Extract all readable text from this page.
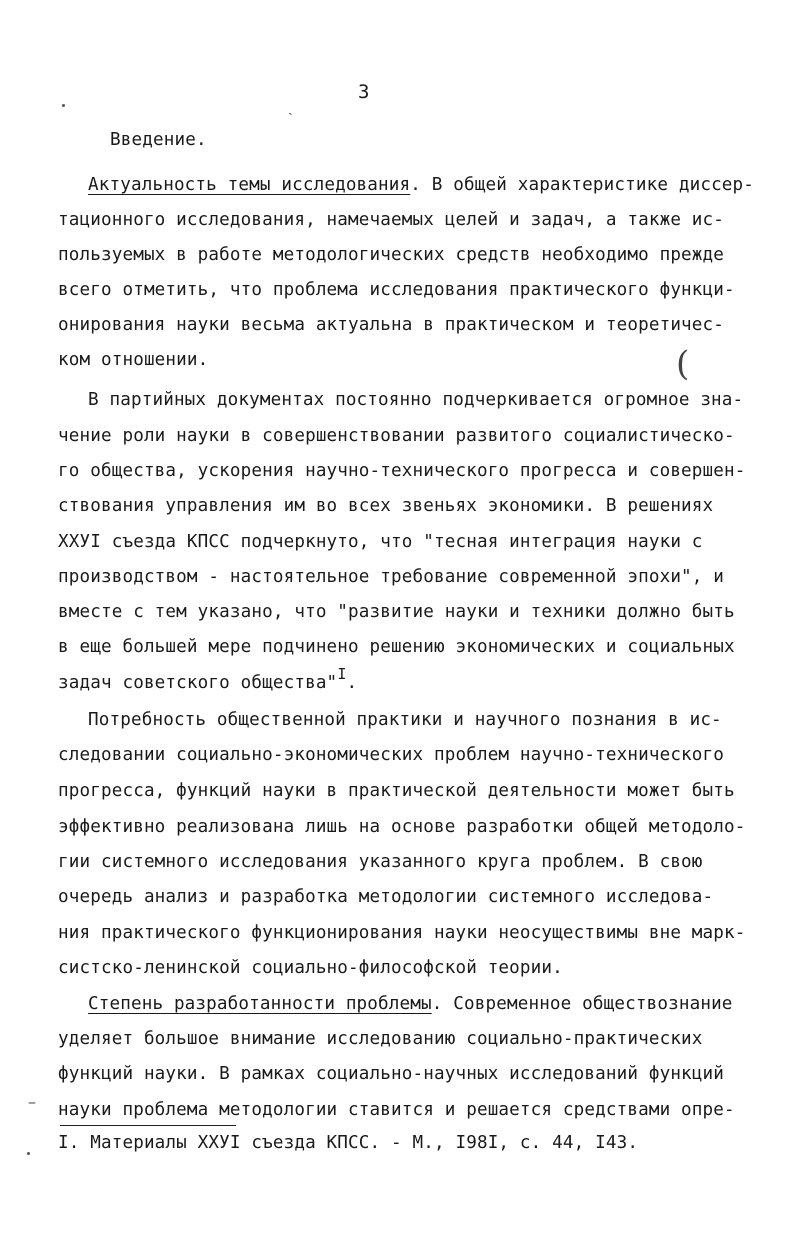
3
Введение.
Актуальность темы исследования. В общей характеристике диссер-
тационного исследования, намечаемых целей и задач, а также ис-
пользуемых в работе методологических средств необходимо прежде
всего отметить, что проблема исследования практического функци-
онирования науки весьма актуальна в практическом и теоретичес-
ком отношении.
В партийных документах постоянно подчеркивается огромное зна-
чение роли науки в совершенствовании развитого социалистическо-
го общества, ускорения научно-технического прогресса и совершен-
ствования управления им во всех звеньях экономики. В решениях
XXУI съезда КПСС подчеркнуто, что "тесная интеграция науки с
производством - настоятельное требование современной эпохи", и
вместе с тем указано, что "развитие науки и техники должно быть
в еще большей мере подчинено решению экономических и социальных
задач советского общества"I.
Потребность общественной практики и научного познания в ис-
следовании социально-экономических проблем научно-технического
прогресса, функций науки в практической деятельности может быть
эффективно реализована лишь на основе разработки общей методоло-
гии системного исследования указанного круга проблем. В свою
очередь анализ и разработка методологии системного исследова-
ния практического функционирования науки неосуществимы вне марк-
систско-ленинской социально-философской теории.
Степень разработанности проблемы. Современное обществознание
уделяет большое внимание исследованию социально-практических
функций науки. В рамках социально-научных исследований функций
науки проблема методологии ставится и решается средствами опре-
I. Материалы XXУI съезда КПСС. - М., I98I, с. 44, I43.
ˏ
(
–
